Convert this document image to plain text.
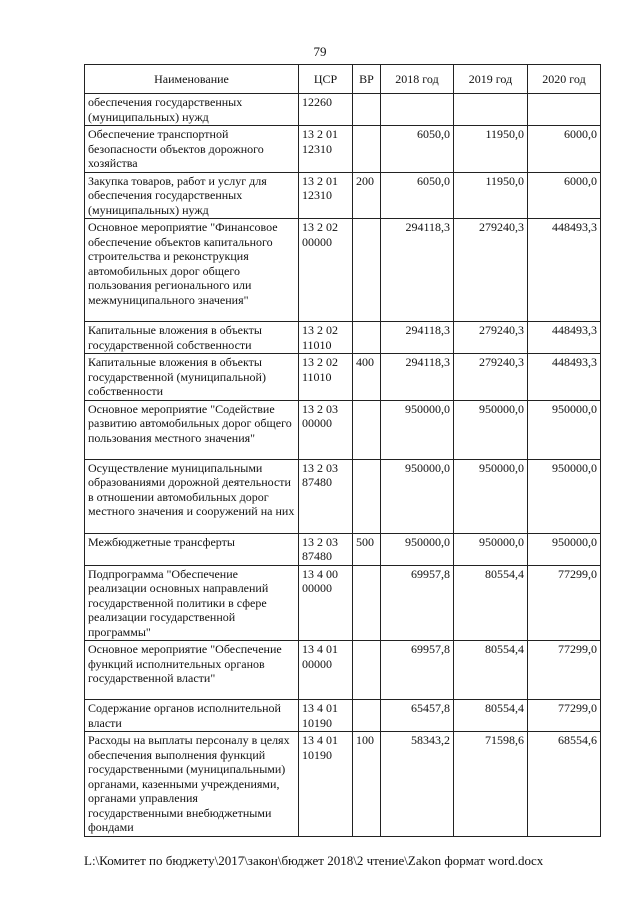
79
Наименование	ЦСР	ВР	2018 год	2019 год	2020 год
обеспечения государственных (муниципальных) нужд	12260				
Обеспечение транспортной безопасности объектов дорожного хозяйства	13 2 01 12310		6050,0	11950,0	6000,0
Закупка товаров, работ и услуг для обеспечения государственных (муниципальных) нужд	13 2 01 12310	200	6050,0	11950,0	6000,0
Основное мероприятие "Финансовое обеспечение объектов капитального строительства и реконструкция автомобильных дорог общего пользования регионального или межмуниципального значения"	13 2 02 00000		294118,3	279240,3	448493,3
Капитальные вложения в объекты государственной собственности	13 2 02 11010		294118,3	279240,3	448493,3
Капитальные вложения в объекты государственной (муниципальной) собственности	13 2 02 11010	400	294118,3	279240,3	448493,3
Основное мероприятие "Содействие развитию автомобильных дорог общего пользования местного значения"	13 2 03 00000		950000,0	950000,0	950000,0
Осуществление муниципальными образованиями дорожной деятельности в отношении автомобильных дорог местного значения и сооружений на них	13 2 03 87480		950000,0	950000,0	950000,0
Межбюджетные трансферты	13 2 03 87480	500	950000,0	950000,0	950000,0
Подпрограмма "Обеспечение реализации основных направлений государственной политики в сфере реализации государственной программы"	13 4 00 00000		69957,8	80554,4	77299,0
Основное мероприятие "Обеспечение функций исполнительных органов государственной власти"	13 4 01 00000		69957,8	80554,4	77299,0
Содержание органов исполнительной власти	13 4 01 10190		65457,8	80554,4	77299,0
Расходы на выплаты персоналу в целях обеспечения выполнения функций государственными (муниципальными) органами, казенными учреждениями, органами управления государственными внебюджетными фондами	13 4 01 10190	100	58343,2	71598,6	68554,6
L:\Комитет по бюджету\2017\закон\бюджет 2018\2 чтение\Zakon формат word.docx
